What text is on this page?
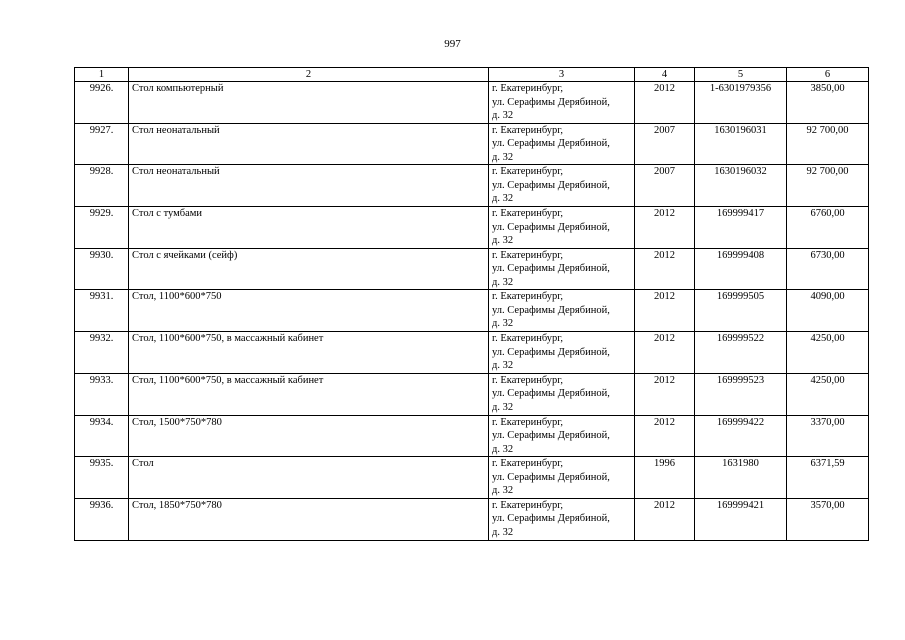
997
1	2	3	4	5	6
9926.	Стол компьютерный	г. Екатеринбург,
ул. Серафимы Дерябиной,
д. 32	2012	1-6301979356	3850,00
9927.	Стол неонатальный	г. Екатеринбург,
ул. Серафимы Дерябиной,
д. 32	2007	1630196031	92 700,00
9928.	Стол неонатальный	г. Екатеринбург,
ул. Серафимы Дерябиной,
д. 32	2007	1630196032	92 700,00
9929.	Стол с тумбами	г. Екатеринбург,
ул. Серафимы Дерябиной,
д. 32	2012	169999417	6760,00
9930.	Стол с ячейками (сейф)	г. Екатеринбург,
ул. Серафимы Дерябиной,
д. 32	2012	169999408	6730,00
9931.	Стол, 1100*600*750	г. Екатеринбург,
ул. Серафимы Дерябиной,
д. 32	2012	169999505	4090,00
9932.	Стол, 1100*600*750, в массажный кабинет	г. Екатеринбург,
ул. Серафимы Дерябиной,
д. 32	2012	169999522	4250,00
9933.	Стол, 1100*600*750, в массажный кабинет	г. Екатеринбург,
ул. Серафимы Дерябиной,
д. 32	2012	169999523	4250,00
9934.	Стол, 1500*750*780	г. Екатеринбург,
ул. Серафимы Дерябиной,
д. 32	2012	169999422	3370,00
9935.	Стол	г. Екатеринбург,
ул. Серафимы Дерябиной,
д. 32	1996	1631980	6371,59
9936.	Стол, 1850*750*780	г. Екатеринбург,
ул. Серафимы Дерябиной,
д. 32	2012	169999421	3570,00
